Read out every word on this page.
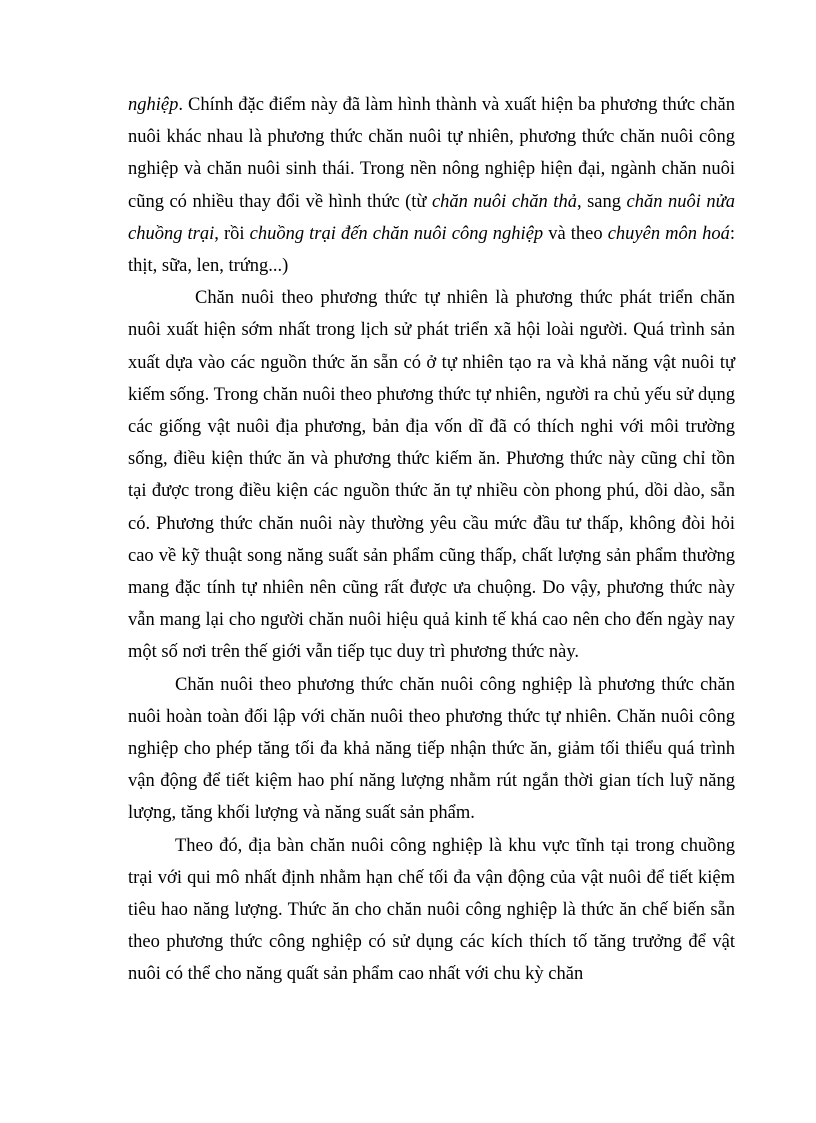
nghiệp. Chính đặc điểm này đã làm hình thành và xuất hiện ba phương thức chăn nuôi khác nhau là phương thức chăn nuôi tự nhiên, phương thức chăn nuôi công nghiệp và chăn nuôi sinh thái. Trong nền nông nghiệp hiện đại, ngành chăn nuôi cũng có nhiều thay đổi về hình thức (từ chăn nuôi chăn thả, sang chăn nuôi nửa chuồng trại, rồi chuồng trại đến chăn nuôi công nghiệp và theo chuyên môn hoá: thịt, sữa, len, trứng...)

Chăn nuôi theo phương thức tự nhiên là phương thức phát triển chăn nuôi xuất hiện sớm nhất trong lịch sử phát triển xã hội loài người. Quá trình sản xuất dựa vào các nguồn thức ăn sẵn có ở tự nhiên tạo ra và khả năng vật nuôi tự kiếm sống. Trong chăn nuôi theo phương thức tự nhiên, người ra chủ yếu sử dụng các giống vật nuôi địa phương, bản địa vốn dĩ đã có thích nghi với môi trường sống, điều kiện thức ăn và phương thức kiếm ăn. Phương thức này cũng chỉ tồn tại được trong điều kiện các nguồn thức ăn tự nhiều còn phong phú, dồi dào, sẵn có. Phương thức chăn nuôi này thường yêu cầu mức đầu tư thấp, không đòi hỏi cao về kỹ thuật song năng suất sản phẩm cũng thấp, chất lượng sản phẩm thường mang đặc tính tự nhiên nên cũng rất được ưa chuộng. Do vậy, phương thức này vẫn mang lại cho người chăn nuôi hiệu quả kinh tế khá cao nên cho đến ngày nay một số nơi trên thế giới vẫn tiếp tục duy trì phương thức này.

Chăn nuôi theo phương thức chăn nuôi công nghiệp là phương thức chăn nuôi hoàn toàn đối lập với chăn nuôi theo phương thức tự nhiên. Chăn nuôi công nghiệp cho phép tăng tối đa khả năng tiếp nhận thức ăn, giảm tối thiểu quá trình vận động để tiết kiệm hao phí năng lượng nhằm rút ngắn thời gian tích luỹ năng lượng, tăng khối lượng và năng suất sản phẩm.

Theo đó, địa bàn chăn nuôi công nghiệp là khu vực tĩnh tại trong chuồng trại với qui mô nhất định nhằm hạn chế tối đa vận động của vật nuôi để tiết kiệm tiêu hao năng lượng. Thức ăn cho chăn nuôi công nghiệp là thức ăn chế biến sẵn theo phương thức công nghiệp có sử dụng các kích thích tố tăng trưởng để vật nuôi có thể cho năng quất sản phẩm cao nhất với chu kỳ chăn
